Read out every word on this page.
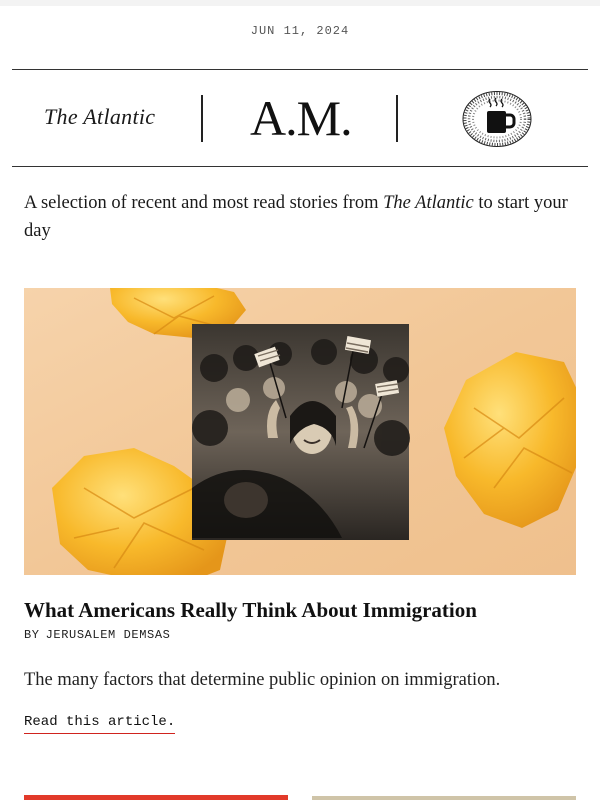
JUN 11, 2024
The Atlantic A.M.

A selection of recent and most read stories from The Atlantic to start your day

What Americans Really Think About Immigration
BY JERUSALEM DEMSAS

The many factors that determine public opinion on immigration.

Read this article.
